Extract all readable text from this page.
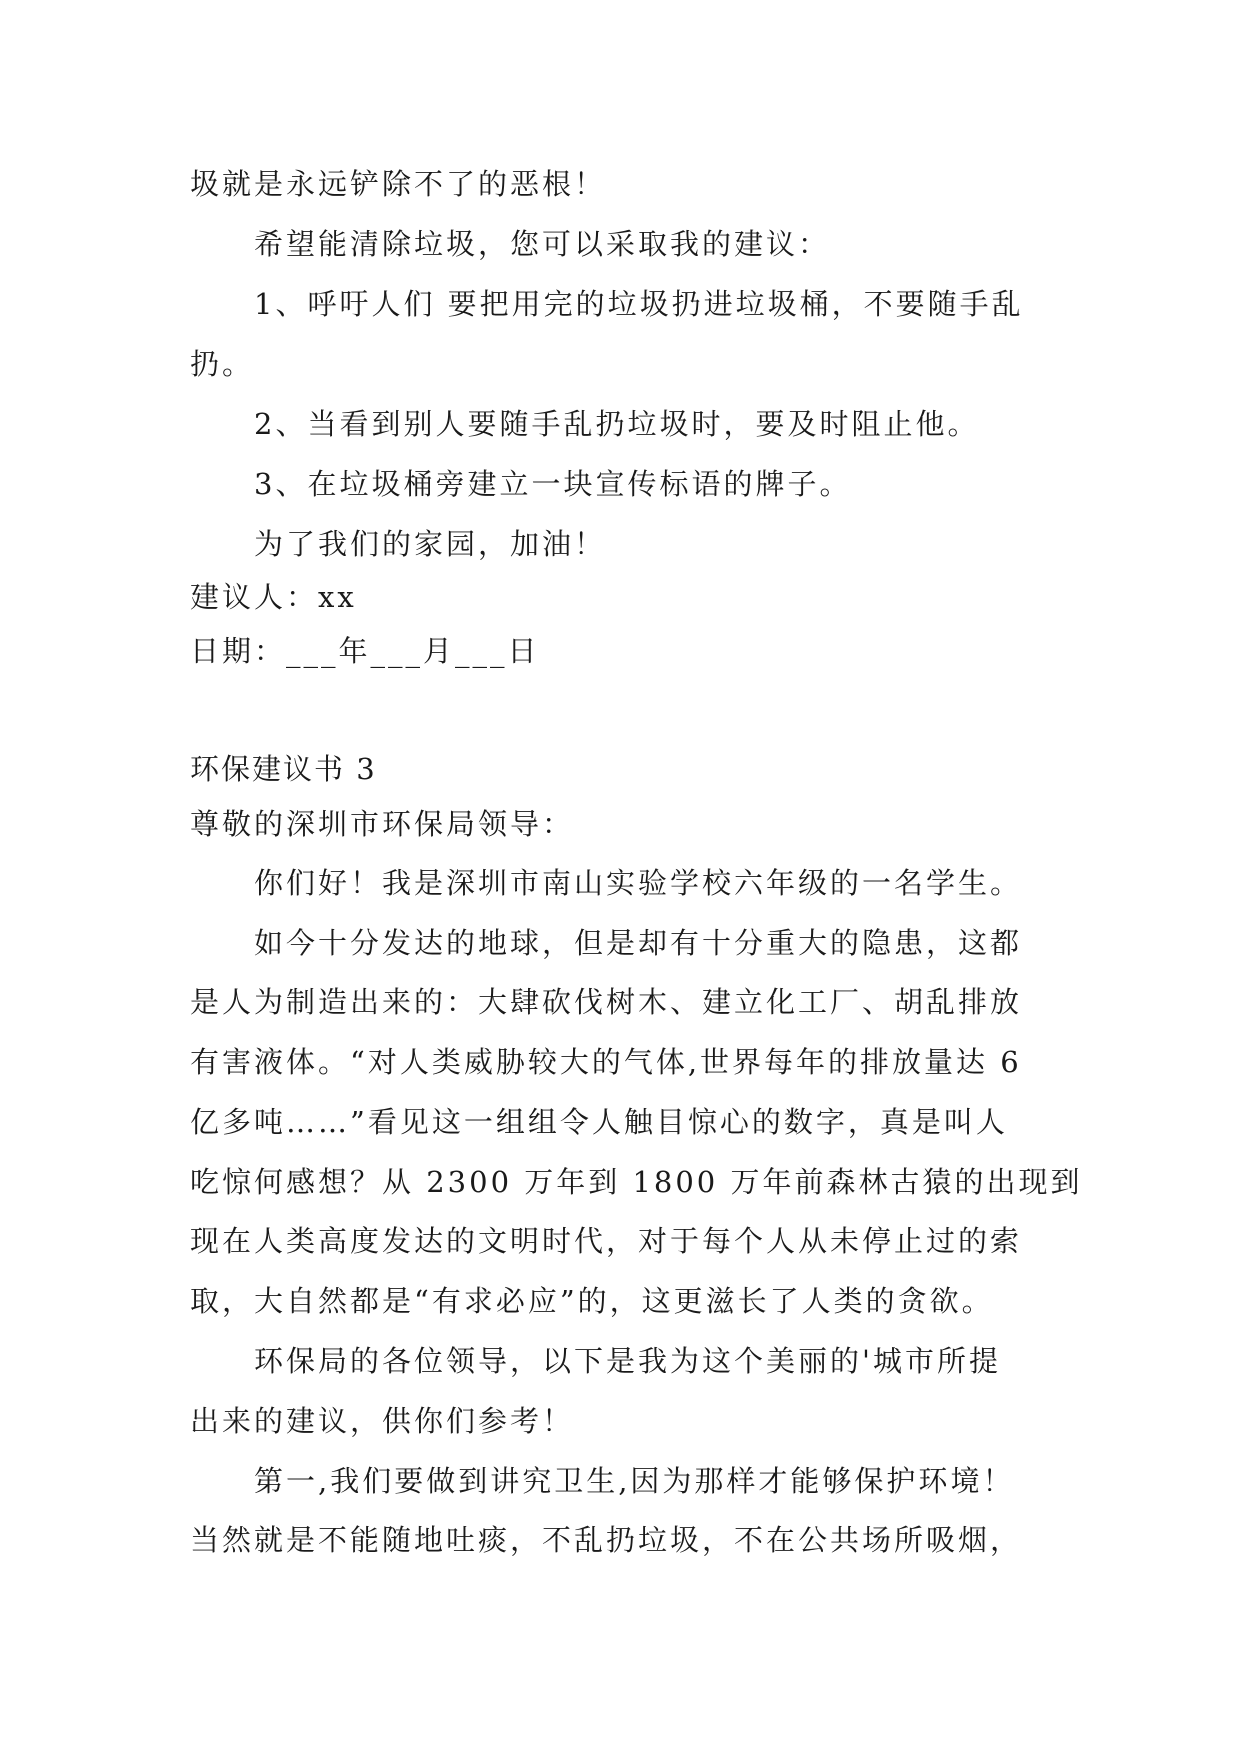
圾就是永远铲除不了的恶根！
希望能清除垃圾，您可以采取我的建议：
1、呼吁人们 要把用完的垃圾扔进垃圾桶，不要随手乱
扔。
2、当看到别人要随手乱扔垃圾时，要及时阻止他。
3、在垃圾桶旁建立一块宣传标语的牌子。
为了我们的家园，加油！
建议人：xx
日期：___年___月___日
环保建议书 3
尊敬的深圳市环保局领导：
你们好！我是深圳市南山实验学校六年级的一名学生。
如今十分发达的地球，但是却有十分重大的隐患，这都
是人为制造出来的：大肆砍伐树木、建立化工厂、胡乱排放
有害液体。“对人类威胁较大的气体,世界每年的排放量达 6
亿多吨……”看见这一组组令人触目惊心的数字，真是叫人
吃惊何感想？从 2300 万年到 1800 万年前森林古猿的出现到
现在人类高度发达的文明时代，对于每个人从未停止过的索
取，大自然都是“有求必应”的，这更滋长了人类的贪欲。
环保局的各位领导，以下是我为这个美丽的'城市所提
出来的建议，供你们参考！
第一,我们要做到讲究卫生,因为那样才能够保护环境！
当然就是不能随地吐痰，不乱扔垃圾，不在公共场所吸烟，
